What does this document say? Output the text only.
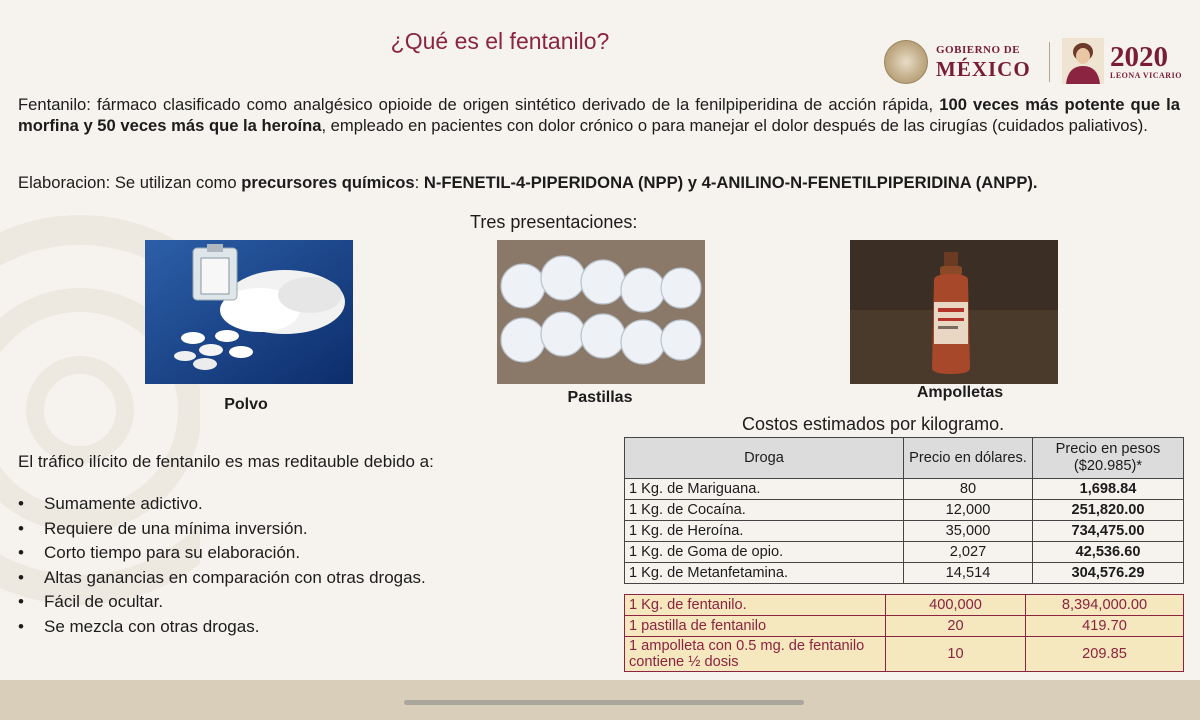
¿Qué es el fentanilo?	GOBIERNO DE
MÉXICO	2020
LEONA VICARIO

Fentanilo: fármaco clasificado como analgésico opioide de origen sintético derivado de la fenilpiperidina de acción rápida, 100 veces más potente que la morfina y 50 veces más que la heroína, empleado en pacientes con dolor crónico o para manejar el dolor después de las cirugías (cuidados paliativos).

Elaboracion: Se utilizan como precursores químicos: N-FENETIL-4-PIPERIDONA (NPP) y 4-ANILINO-N-FENETILPIPERIDINA (ANPP).

Tres presentaciones:
Polvo	Pastillas	Ampolletas
El tráfico ilícito de fentanilo es mas reditauble debido a:
• Sumamente adictivo.
• Requiere de una mínima inversión.
• Corto tiempo para su elaboración.
• Altas ganancias en comparación con otras drogas.
• Fácil de ocultar.
• Se mezcla con otras drogas.
Costos estimados por kilogramo.
Droga	Precio en dólares.	Precio en pesos ($20.985)*
1 Kg. de Mariguana.	80	1,698.84
1 Kg. de Cocaína.	12,000	251,820.00
1 Kg. de Heroína.	35,000	734,475.00
1 Kg. de Goma de opio.	2,027	42,536.60
1 Kg. de Metanfetamina.	14,514	304,576.29
1 Kg. de fentanilo.	400,000	8,394,000.00
1 pastilla de fentanilo	20	419.70
1 ampolleta con 0.5 mg. de fentanilo contiene ½ dosis	10	209.85
